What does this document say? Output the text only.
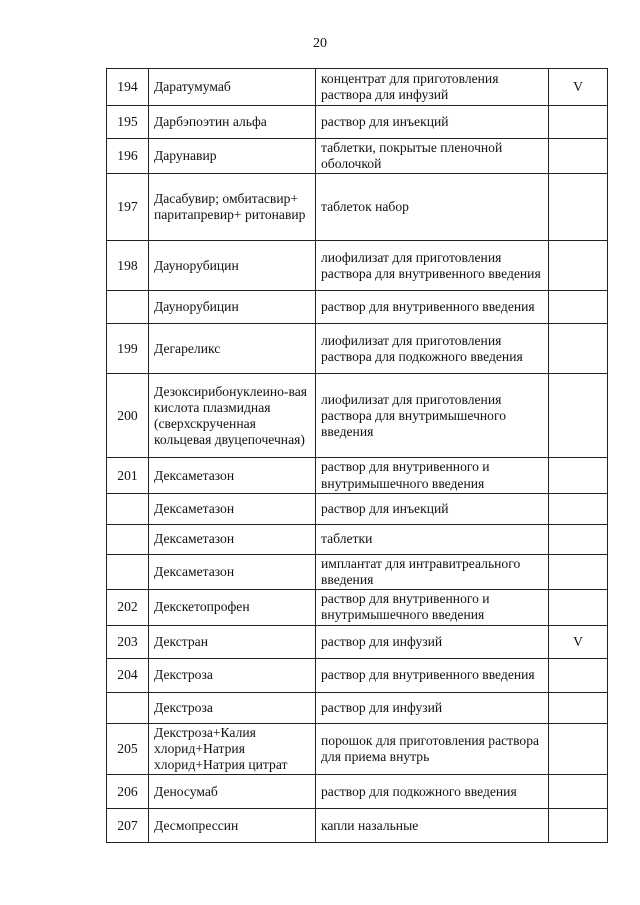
20
194	Даратумумаб	концентрат для приготовления раствора для инфузий	V
195	Дарбэпоэтин альфа	раствор для инъекций	
196	Дарунавир	таблетки, покрытые пленочной оболочкой	
197	Дасабувир; омбитасвир+ паритапревир+ ритонавир	таблеток набор	
198	Даунорубицин	лиофилизат для приготовления раствора для внутривенного введения	
	Даунорубицин	раствор для внутривенного введения	
199	Дегареликс	лиофилизат для приготовления раствора для подкожного введения	
200	Дезоксирибонуклеино-вая кислота плазмидная (сверхскрученная кольцевая двуцепочечная)	лиофилизат для приготовления раствора для внутримышечного введения	
201	Дексаметазон	раствор для внутривенного и внутримышечного введения	
	Дексаметазон	раствор для инъекций	
	Дексаметазон	таблетки	
	Дексаметазон	имплантат для интравитреального введения	
202	Декскетопрофен	раствор для внутривенного и внутримышечного введения	
203	Декстран	раствор для инфузий	V
204	Декстроза	раствор для внутривенного введения	
	Декстроза	раствор для инфузий	
205	Декстроза+Калия хлорид+Натрия хлорид+Натрия цитрат	порошок для приготовления раствора для приема внутрь	
206	Деносумаб	раствор для подкожного введения	
207	Десмопрессин	капли назальные	
